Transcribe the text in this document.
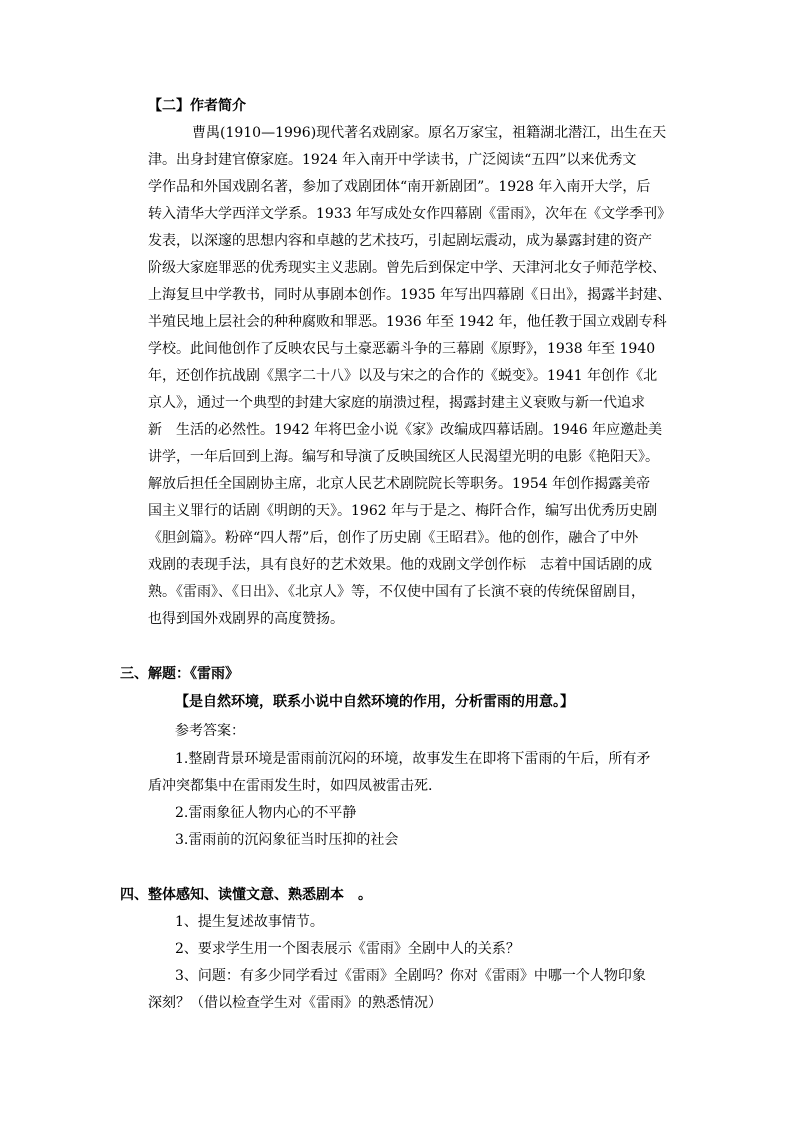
【二】作者简介
曹禺(1910—1996)现代著名戏剧家。原名万家宝，祖籍湖北潜江，出生在天
津。出身封建官僚家庭。1924 年入南开中学读书，广泛阅读“五四”以来优秀文
学作品和外国戏剧名著，参加了戏剧团体“南开新剧团”。1928 年入南开大学，后
转入清华大学西洋文学系。1933 年写成处女作四幕剧《雷雨》，次年在《文学季刊》
发表，以深邃的思想内容和卓越的艺术技巧，引起剧坛震动，成为暴露封建的资产
阶级大家庭罪恶的优秀现实主义悲剧。曾先后到保定中学、天津河北女子师范学校、
上海复旦中学教书，同时从事剧本创作。1935 年写出四幕剧《日出》，揭露半封建、
半殖民地上层社会的种种腐败和罪恶。1936 年至 1942 年，他任教于国立戏剧专科
学校。此间他创作了反映农民与土豪恶霸斗争的三幕剧《原野》，1938 年至 1940
年，还创作抗战剧《黑字二十八》以及与宋之的合作的《蜕变》。1941 年创作《北
京人》，通过一个典型的封建大家庭的崩溃过程，揭露封建主义衰败与新一代追求
新　生活的必然性。1942 年将巴金小说《家》改编成四幕话剧。1946 年应邀赴美
讲学，一年后回到上海。编写和导演了反映国统区人民渴望光明的电影《艳阳天》。
解放后担任全国剧协主席，北京人民艺术剧院院长等职务。1954 年创作揭露美帝
国主义罪行的话剧《明朗的天》。1962 年与于是之、梅阡合作，编写出优秀历史剧
《胆剑篇》。粉碎“四人帮”后，创作了历史剧《王昭君》。他的创作，融合了中外
戏剧的表现手法，具有良好的艺术效果。他的戏剧文学创作标　志着中国话剧的成
熟。《雷雨》、《日出》、《北京人》等，不仅使中国有了长演不衰的传统保留剧目，
也得到国外戏剧界的高度赞扬。
三、解题：《雷雨》
【是自然环境，联系小说中自然环境的作用，分析雷雨的用意。】
参考答案：
1.整剧背景环境是雷雨前沉闷的环境，故事发生在即将下雷雨的午后，所有矛
盾冲突都集中在雷雨发生时，如四凤被雷击死.
2.雷雨象征人物内心的不平静
3.雷雨前的沉闷象征当时压抑的社会
四、整体感知、读懂文意、熟悉剧本　。
1、提生复述故事情节。
2、要求学生用一个图表展示《雷雨》全剧中人的关系？
3、问题：有多少同学看过《雷雨》全剧吗？你对《雷雨》中哪一个人物印象
深刻？（借以检查学生对《雷雨》的熟悉情况）
